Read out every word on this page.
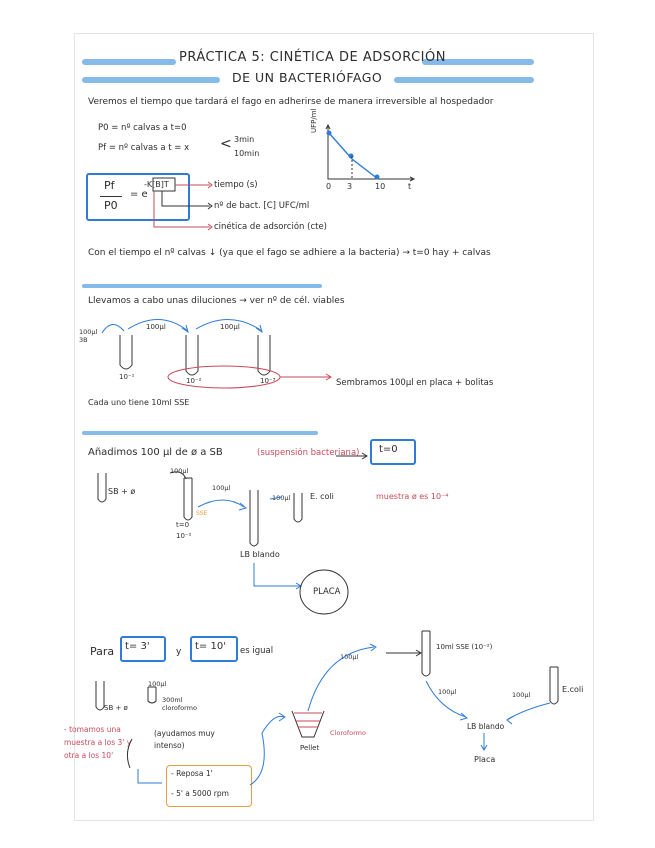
PRÁCTICA 5: CINÉTICA DE ADSORCIÓN
DE UN BACTERIÓFAGO
Veremos el tiempo que tardará el fago en adherirse de manera irreversible al hospedador
P0 = nº calvas a t=0
Pf = nº calvas a t = x < 3min
10min
Pf
P0
= e
-K[B]T	tiempo (s)
nº de bact. [C] UFC/ml
cinética de adsorción (cte)
UFP/ml
0 3	10	t
Con el tiempo el nº calvas ↓ (ya que el fago se adhiere a la bacteria) → t=0 hay + calvas
Llevamos a cabo unas diluciones → ver nº de cél. viables
100µl 3B
100µl	100µl
10⁻¹	10⁻²	10⁻³	Sembramos 100µl en placa + bolitas
Cada uno tiene 10ml SSE
Añadimos 100 µl de ø a SB	(suspensión bacteriana) t=0
SB + ø
100µl
SSE
t=0
10⁻²
100µl
100µl E. coli	muestra ø es 10⁻⁴
LB blando
PLACA
Para t= 3'	y t= 10' es igual
SB + ø
100µl
300ml cloroformo
- tomamos una muestra a los 3' y otra a los 10'
(ayudamos muy intenso)
- Reposa 1'
- 5' a 5000 rpm
Pellet
Cloroformo
100µl
10ml SSE (10⁻²)
100µl	100µl
E.coli
LB blando
Placa
